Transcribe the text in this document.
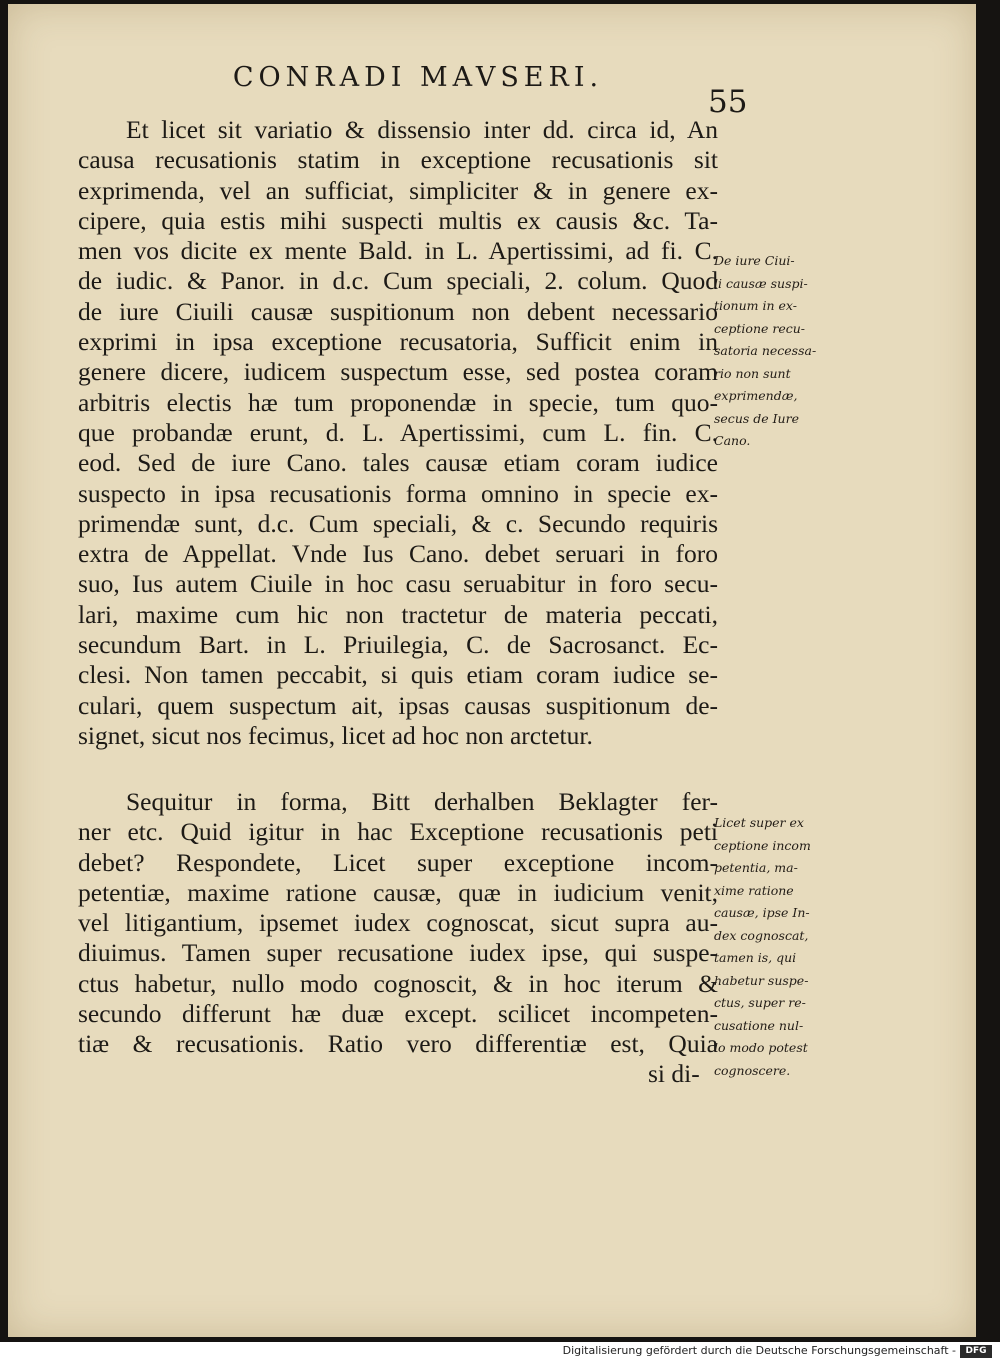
CONRADI MAVSERI.
55
Et licet sit variatio & dissensio inter dd. circa id, An
causa recusationis statim in exceptione recusationis sit
exprimenda, vel an sufficiat, simpliciter & in genere ex-
cipere, quia estis mihi suspecti multis ex causis &c. Ta-
men vos dicite ex mente Bald. in L. Apertissimi, ad fi. C.
de iudic. & Panor. in d.c. Cum speciali, 2. colum. Quod
de iure Ciuili causæ suspitionum non debent necessario
exprimi in ipsa exceptione recusatoria, Sufficit enim in
genere dicere, iudicem suspectum esse, sed postea coram
arbitris electis hæ tum proponendæ in specie, tum quo-
que probandæ erunt, d. L. Apertissimi, cum L. fin. C.
eod. Sed de iure Cano. tales causæ etiam coram iudice
suspecto in ipsa recusationis forma omnino in specie ex-
primendæ sunt, d.c. Cum speciali, & c. Secundo requiris
extra de Appellat. Vnde Ius Cano. debet seruari in foro
suo, Ius autem Ciuile in hoc casu seruabitur in foro secu-
lari, maxime cum hic non tractetur de materia peccati,
secundum Bart. in L. Priuilegia, C. de Sacrosanct. Ec-
clesi. Non tamen peccabit, si quis etiam coram iudice se-
culari, quem suspectum ait, ipsas causas suspitionum de-
signet, sicut nos fecimus, licet ad hoc non arctetur.
Sequitur in forma, Bitt derhalben Beklagter fer-
ner etc. Quid igitur in hac Exceptione recusationis peti
debet? Respondete, Licet super exceptione incom-
petentiæ, maxime ratione causæ, quæ in iudicium venit,
vel litigantium, ipsemet iudex cognoscat, sicut supra au-
diuimus. Tamen super recusatione iudex ipse, qui suspe-
ctus habetur, nullo modo cognoscit, & in hoc iterum &
secundo differunt hæ duæ except. scilicet incompeten-
tiæ & recusationis. Ratio vero differentiæ est, Quia
si di-
De iure Ciui-
li causæ suspi-
tionum in ex-
ceptione recu-
satoria necessa-
rio non sunt
exprimendæ,
secus de Iure
Cano.
Licet super ex
ceptione incom
petentia, ma-
xime ratione
causæ, ipse In-
dex cognoscat,
tamen is, qui
habetur suspe-
ctus, super re-
cusatione nul-
lo modo potest
cognoscere.
Digitalisierung gefördert durch die Deutsche Forschungsgemeinschaft -	DFG
